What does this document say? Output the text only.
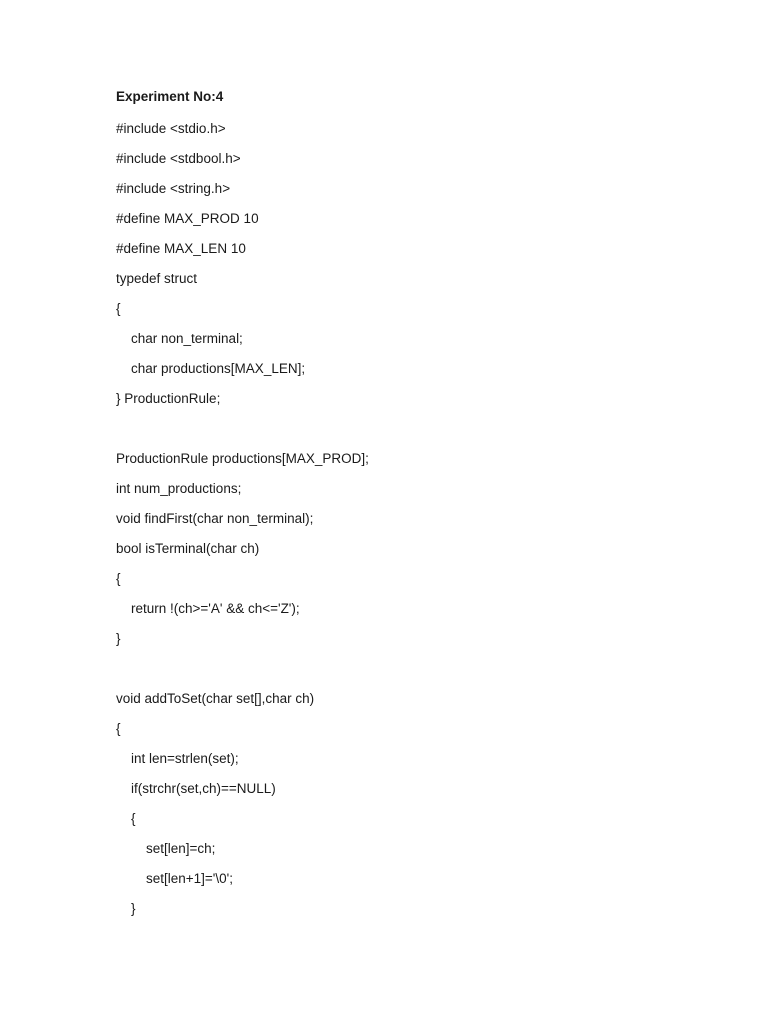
Experiment No:4
#include <stdio.h>
#include <stdbool.h>
#include <string.h>
#define MAX_PROD 10
#define MAX_LEN 10
typedef struct
{
char non_terminal;
char productions[MAX_LEN];
} ProductionRule;
ProductionRule productions[MAX_PROD];
int num_productions;
void findFirst(char non_terminal);
bool isTerminal(char ch)
{
return !(ch>='A' && ch<='Z');
}
void addToSet(char set[],char ch)
{
int len=strlen(set);
if(strchr(set,ch)==NULL)
{
set[len]=ch;
set[len+1]='\0';
}
